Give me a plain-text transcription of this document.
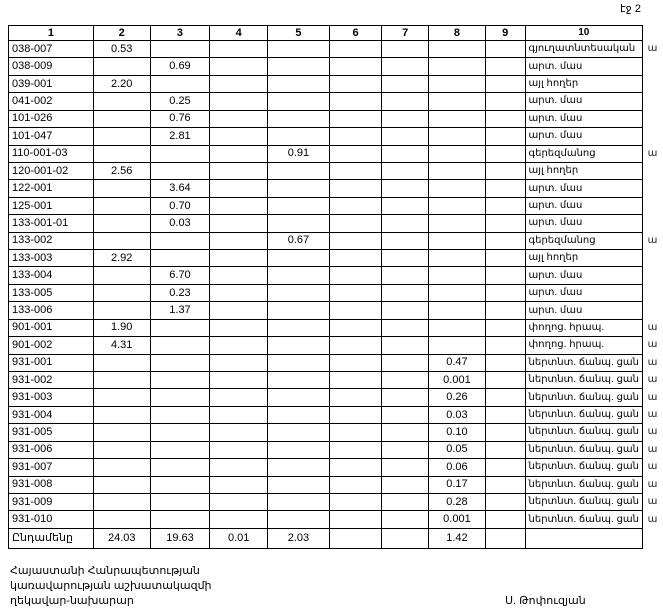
էջ 2
1	2	3	4	5	6	7	8	9	10	
038-007	0.53								գյուղատնտեսական	ա
038-009		0.69							արտ. մաս	
039-001	2.20								այլ հողեր	
041-002		0.25							արտ. մաս	
101-026		0.76							արտ. մաս	
101-047		2.81							արտ. մաս	
110-001-03				0.91					գերեզմանոց	ա
120-001-02	2.56								այլ հողեր	
122-001		3.64							արտ. մաս	
125-001		0.70							արտ. մաս	
133-001-01		0.03							արտ. մաս	
133-002				0.67					գերեզմանոց	ա
133-003	2.92								այլ հողեր	
133-004		6.70							արտ. մաս	
133-005		0.23							արտ. մաս	
133-006		1.37							արտ. մաս	
901-001	1.90								փողոց. հրապ.	ա
901-002	4.31								փողոց. հրապ.	ա
931-001							0.47		ներտնտ. ճանպ. ցան	ա
931-002							0.001		ներտնտ. ճանպ. ցան	ա
931-003							0.26		ներտնտ. ճանպ. ցան	ա
931-004							0.03		ներտնտ. ճանպ. ցան	ա
931-005							0.10		ներտնտ. ճանպ. ցան	ա
931-006							0.05		ներտնտ. ճանպ. ցան	ա
931-007							0.06		ներտնտ. ճանպ. ցան	ա
931-008							0.17		ներտնտ. ճանպ. ցան	ա
931-009							0.28		ներտնտ. ճանպ. ցան	ա
931-010							0.001		ներտնտ. ճանպ. ցան	ա
Ընդամենը	24.03	19.63	0.01	2.03			1.42			
Հայաստանի Հանրապետության
կառավարության աշխատակազմի
ղեկավար-նախարար	Ս. Թոփուզյան
